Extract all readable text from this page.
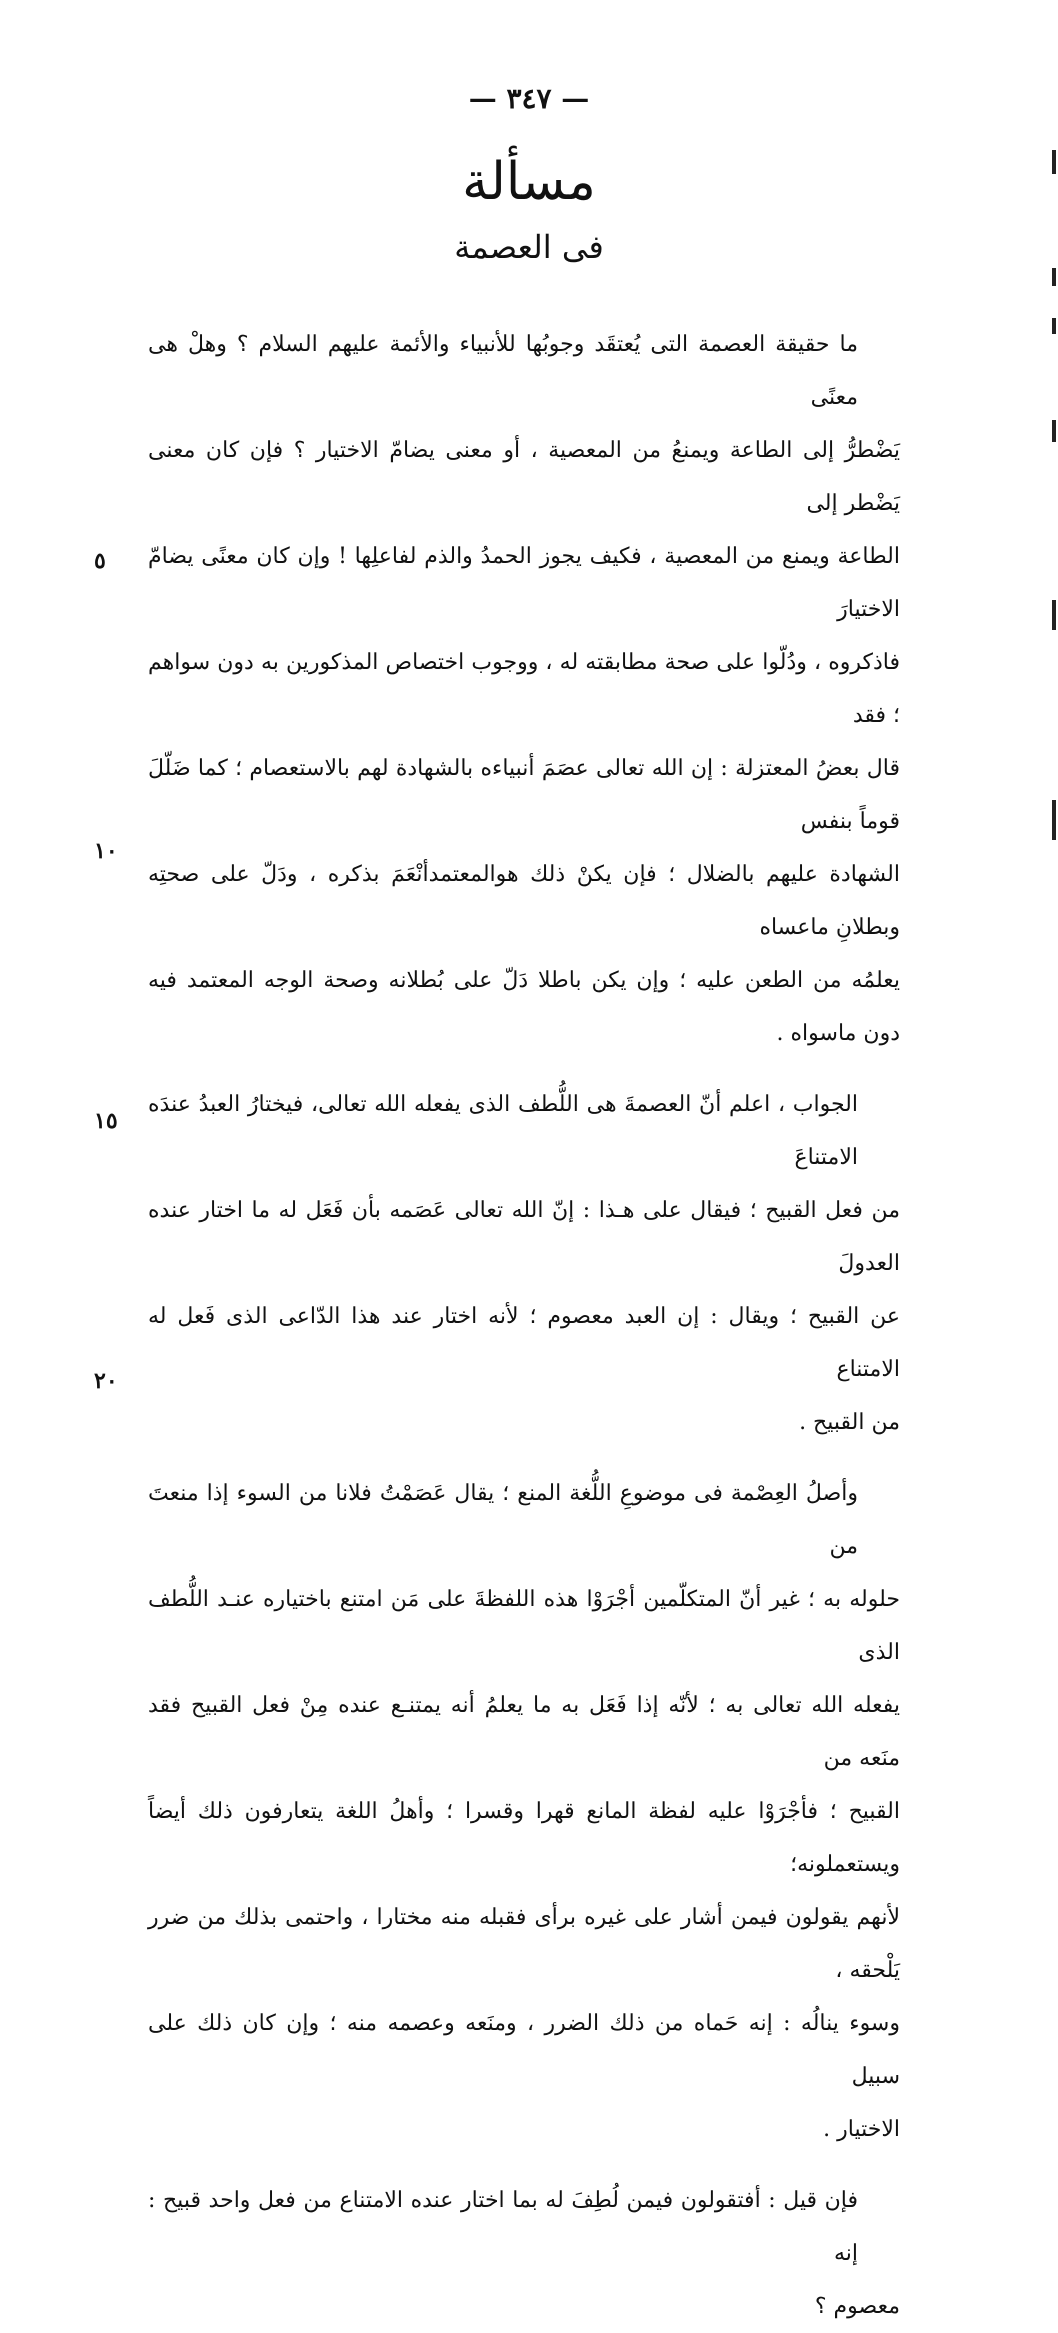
— ٣٤٧ —
مسألة
فى العصمة
ما حقيقة العصمة التى يُعتقَد وجوبُها للأنبياء والأئمة عليهم السلام ؟ وهلْ هى معنًى
يَضْطرُّ إلى الطاعة ويمنعُ من المعصية ، أو معنى يضامّ الاختيار ؟ فإن كان معنى يَضْطر إلى
الطاعة ويمنع من المعصية ، فكيف يجوز الحمدُ والذم لفاعلِها ! وإن كان معنًى يضامّ الاختيارَ
فاذكروه ، ودُلّوا على صحة مطابقته له ، ووجوب اختصاص المذكورين به دون سواهم ؛ فقد
قال بعضُ المعتزلة : إن الله تعالى عصَمَ أنبياءه بالشهادة لهم بالاستعصام ؛ كما ضَلّلَ قوماً بنفس
الشهادة عليهم بالضلال ؛ فإن يكنْ ذلك هوالمعتمدأنْعَمَ بذكره ، ودَلّ على صحتِه وبطلانِ ماعساه
يعلمُه من الطعن عليه ؛ وإن يكن باطلا دَلّ على بُطلانه وصحة الوجه المعتمد فيه دون ماسواه .
الجواب ، اعلم أنّ العصمةَ هى اللُّطف الذى يفعله الله تعالى، فيختارُ العبدُ عندَه الامتناعَ
من فعل القبيح ؛ فيقال على هـذا : إنّ الله تعالى عَصَمه بأن فَعَل له ما اختار عنده العدولَ
عن القبيح ؛ ويقال : إن العبد معصوم ؛ لأنه اختار عند هذا الدّاعى الذى فَعل له الامتناع
من القبيح .
وأصلُ العِصْمة فى موضوعِ اللُّغة المنع ؛ يقال عَصَمْتُ فلانا من السوء إذا منعتَ من
حلوله به ؛ غير أنّ المتكلّمين أجْرَوْا هذه اللفظةَ على مَن امتنع باختياره عنـد اللُّطف الذى
يفعله الله تعالى به ؛ لأنّه إذا فَعَل به ما يعلمُ أنه يمتنـع عنده مِنْ فعل القبيح فقد منَعه من
القبيح ؛ فأجْرَوْا عليه لفظة المانع قهرا وقسرا ؛ وأهلُ اللغة يتعارفون ذلك أيضاً ويستعملونه؛
لأنهم يقولون فيمن أشار على غيره برأى فقبله منه مختارا ، واحتمى بذلك من ضرر يَلْحقه ،
وسوء ينالُه : إنه حَماه من ذلك الضرر ، ومنَعه وعصمه منه ؛ وإن كان ذلك على سبيل
الاختيار .
فإن قيل : أفتقولون فيمن لُطِفَ له بما اختار عنده الامتناع من فعل واحد قبيح : إنه
معصوم ؟
٥
١٠
١٥
٢٠
